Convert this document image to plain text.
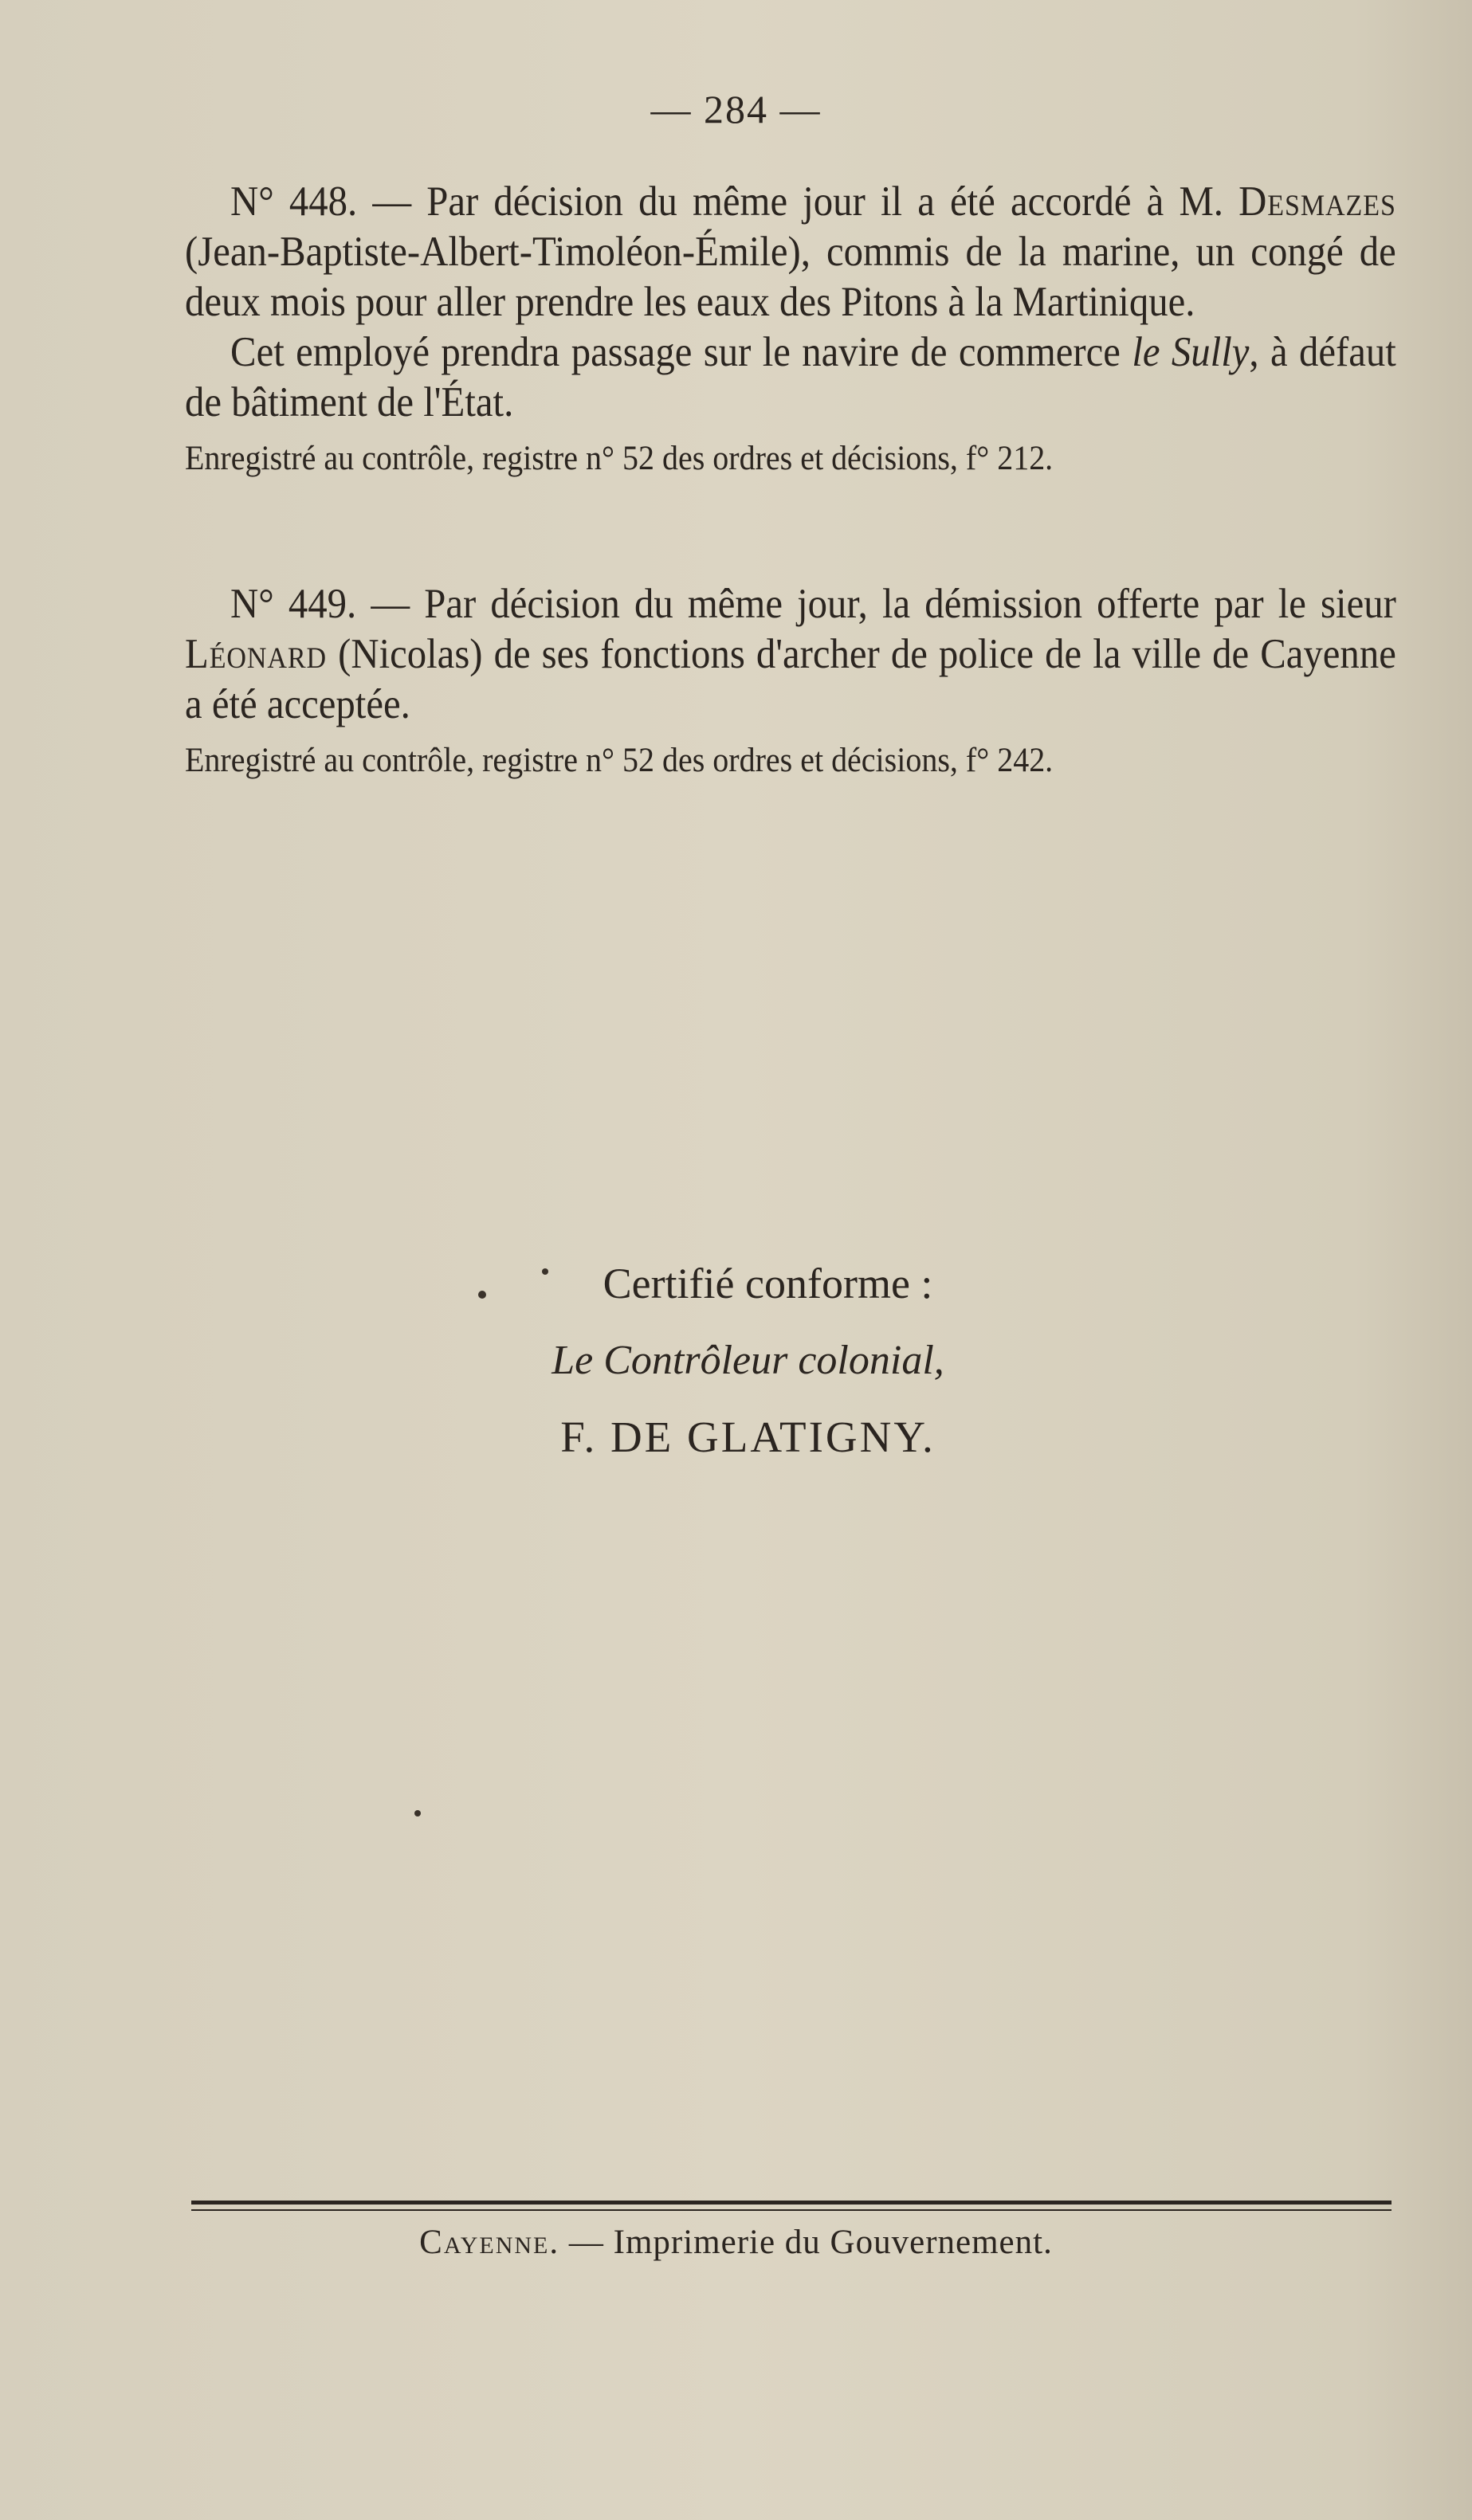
— 284 —

N° 448. — Par décision du même jour il a été accordé à M. Desmazes (Jean-Baptiste-Albert-Timoléon-Émile), commis de la marine, un congé de deux mois pour aller prendre les eaux des Pitons à la Martinique.

Cet employé prendra passage sur le navire de commerce le Sully, à défaut de bâtiment de l'État.

Enregistré au contrôle, registre n° 52 des ordres et décisions, f° 212.

N° 449. — Par décision du même jour, la démission offerte par le sieur Léonard (Nicolas) de ses fonctions d'archer de police de la ville de Cayenne a été acceptée.

Enregistré au contrôle, registre n° 52 des ordres et décisions, f° 242.

Certifié conforme :
Le Contrôleur colonial,
F. DE GLATIGNY.
Cayenne. — Imprimerie du Gouvernement.
